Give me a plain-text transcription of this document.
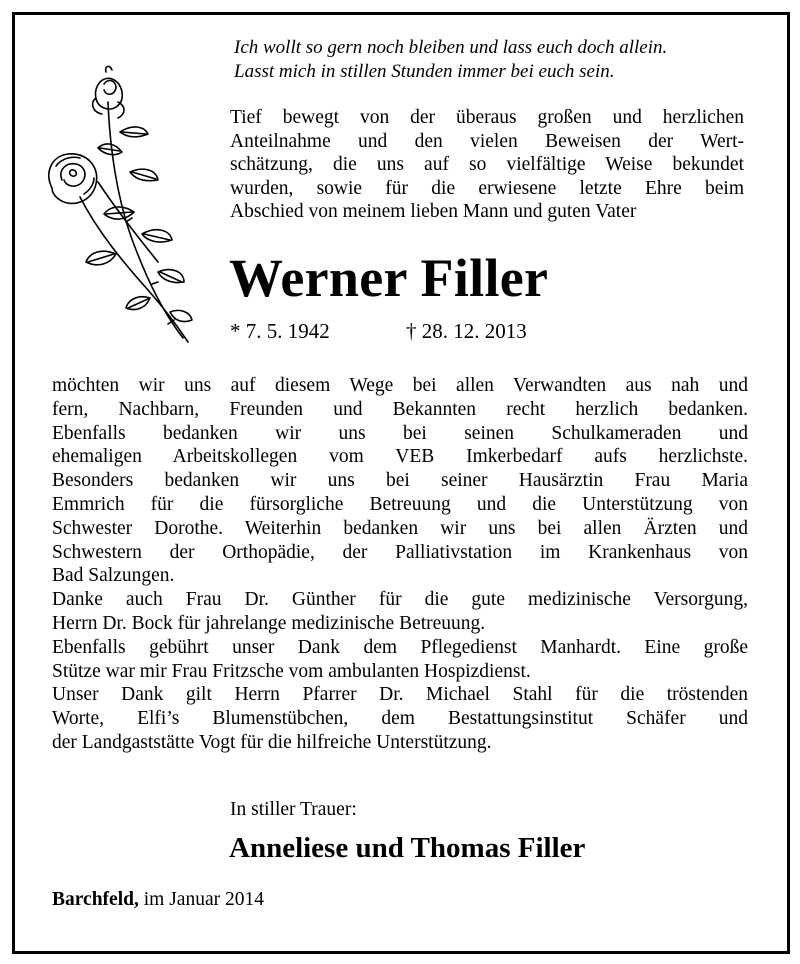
Ich wollt so gern noch bleiben und lass euch doch allein.
Lasst mich in stillen Stunden immer bei euch sein.
Tief bewegt von der überaus großen und herzlichen
Anteilnahme und den vielen Beweisen der Wert-
schätzung, die uns auf so vielfältige Weise bekundet
wurden, sowie für die erwiesene letzte Ehre beim
Abschied von meinem lieben Mann und guten Vater
Werner Filler
* 7. 5. 1942	† 28. 12. 2013
möchten wir uns auf diesem Wege bei allen Verwandten aus nah und
fern, Nachbarn, Freunden und Bekannten recht herzlich bedanken.
Ebenfalls bedanken wir uns bei seinen Schulkameraden und
ehemaligen Arbeitskollegen vom VEB Imkerbedarf aufs herzlichste.
Besonders bedanken wir uns bei seiner Hausärztin Frau Maria
Emmrich für die fürsorgliche Betreuung und die Unterstützung von
Schwester Dorothe. Weiterhin bedanken wir uns bei allen Ärzten und
Schwestern der Orthopädie, der Palliativstation im Krankenhaus von
Bad Salzungen.
Danke auch Frau Dr. Günther für die gute medizinische Versorgung,
Herrn Dr. Bock für jahrelange medizinische Betreuung.
Ebenfalls gebührt unser Dank dem Pflegedienst Manhardt. Eine große
Stütze war mir Frau Fritzsche vom ambulanten Hospizdienst.
Unser Dank gilt Herrn Pfarrer Dr. Michael Stahl für die tröstenden
Worte, Elfi’s Blumenstübchen, dem Bestattungsinstitut Schäfer und
der Landgaststätte Vogt für die hilfreiche Unterstützung.
In stiller Trauer:
Anneliese und Thomas Filler
Barchfeld, im Januar 2014
